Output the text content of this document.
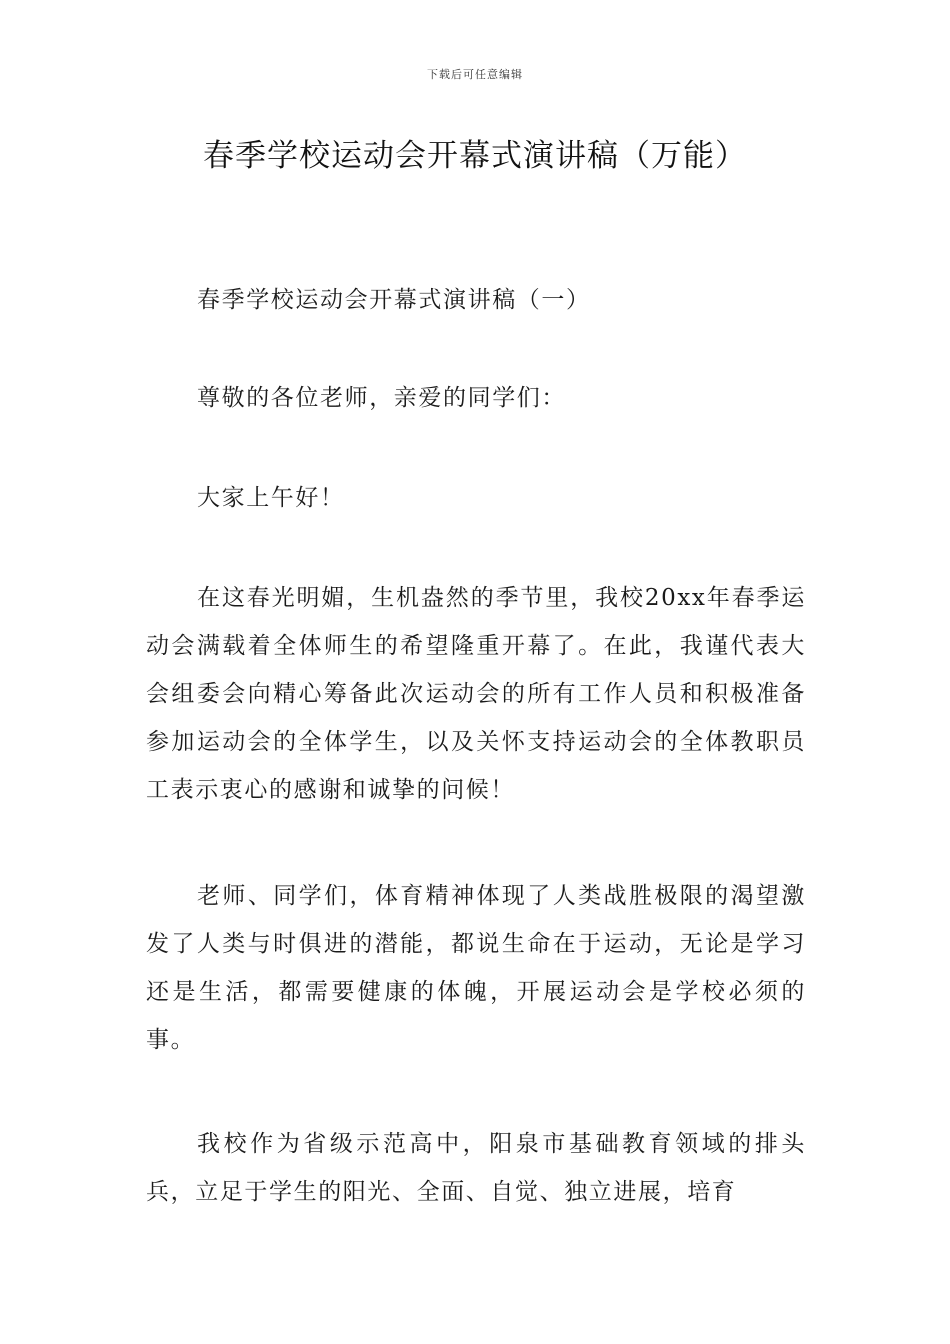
下载后可任意编辑
春季学校运动会开幕式演讲稿（万能）

春季学校运动会开幕式演讲稿（一）

尊敬的各位老师，亲爱的同学们：

大家上午好！

在这春光明媚，生机盎然的季节里，我校20xx年春季运动会满载着全体师生的希望隆重开幕了。在此，我谨代表大会组委会向精心筹备此次运动会的所有工作人员和积极准备参加运动会的全体学生，以及关怀支持运动会的全体教职员工表示衷心的感谢和诚挚的问候！

老师、同学们，体育精神体现了人类战胜极限的渴望激发了人类与时俱进的潜能，都说生命在于运动，无论是学习还是生活，都需要健康的体魄，开展运动会是学校必须的事。

我校作为省级示范高中，阳泉市基础教育领域的排头兵，立足于学生的阳光、全面、自觉、独立进展，培育
